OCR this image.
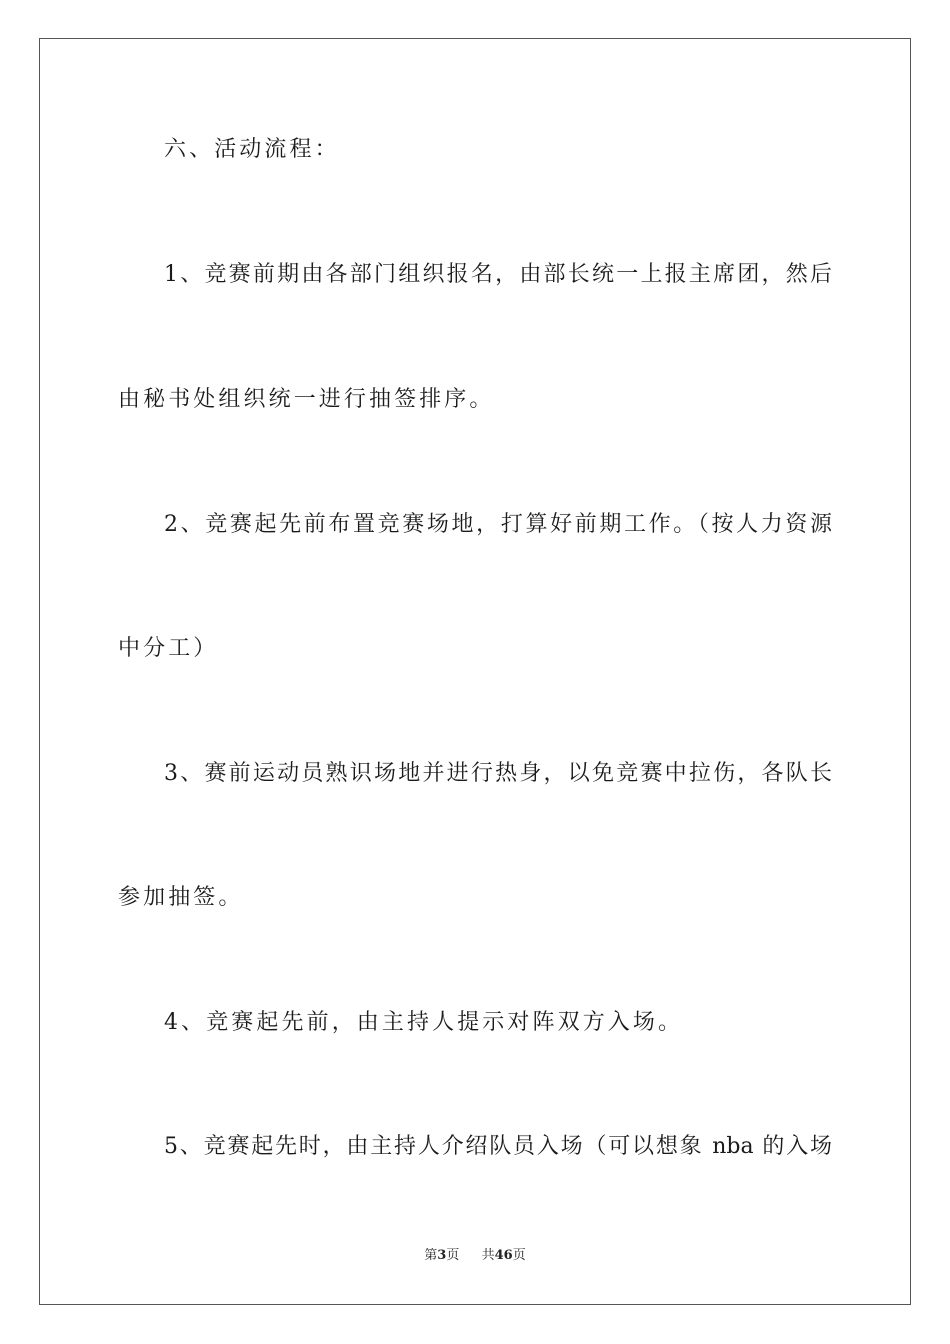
六、活动流程：
1、竞赛前期由各部门组织报名，由部长统一上报主席团，然后
由秘书处组织统一进行抽签排序。
2、竞赛起先前布置竞赛场地，打算好前期工作。（按人力资源
中分工）
3、赛前运动员熟识场地并进行热身，以免竞赛中拉伤，各队长
参加抽签。
4、竞赛起先前，由主持人提示对阵双方入场。
5、竞赛起先时，由主持人介绍队员入场（可以想象 nba 的入场
第3页 共46页
